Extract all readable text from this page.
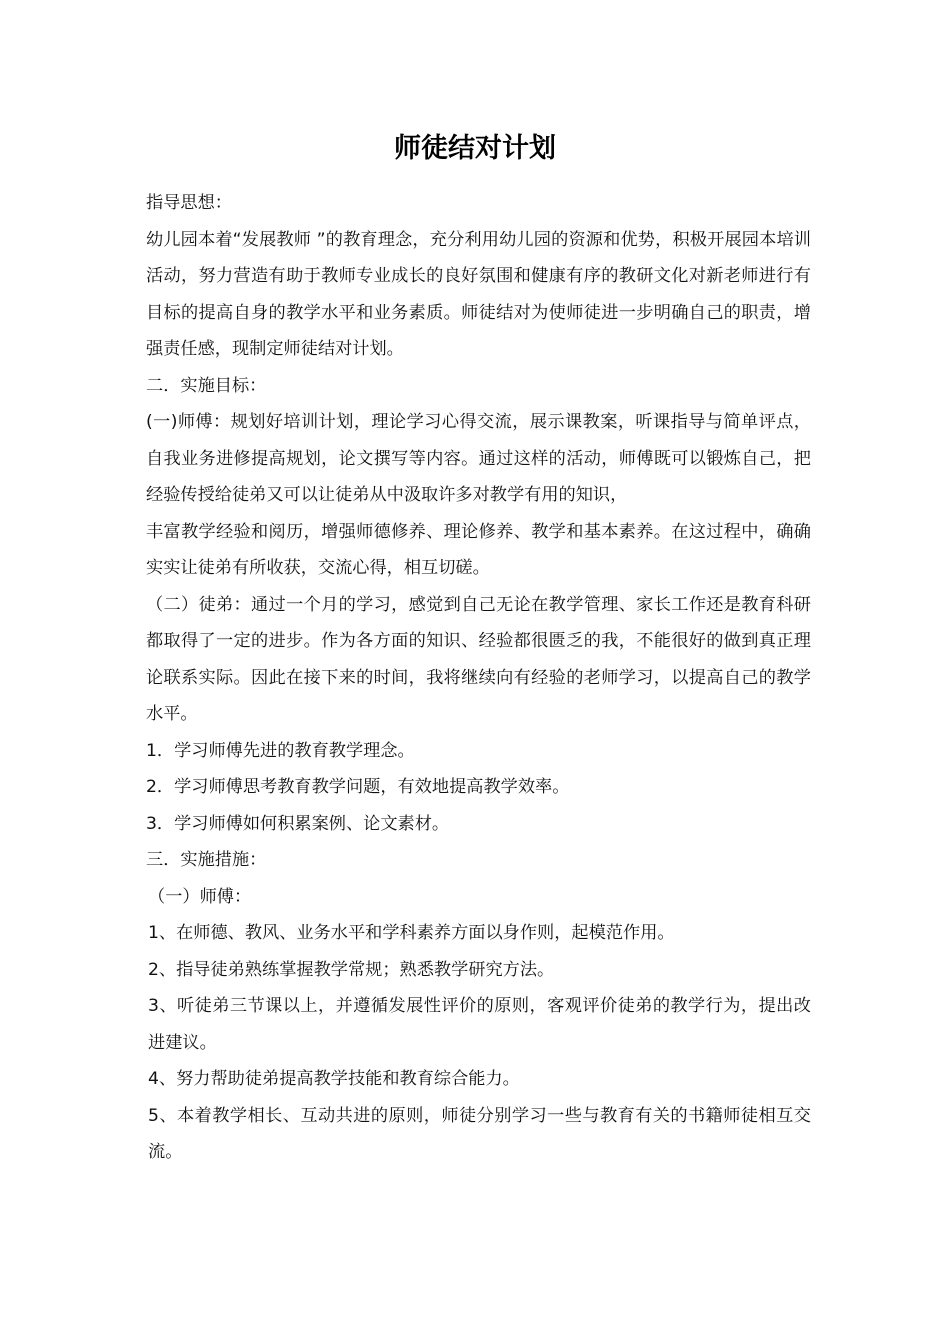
师徒结对计划

指导思想：

幼儿园本着“发展教师 ”的教育理念，充分利用幼儿园的资源和优势，积极开展园本培训活动，努力营造有助于教师专业成长的良好氛围和健康有序的教研文化对新老师进行有目标的提高自身的教学水平和业务素质。师徒结对为使师徒进一步明确自己的职责，增强责任感，现制定师徒结对计划。

二．实施目标：

(一)师傅：规划好培训计划，理论学习心得交流，展示课教案，听课指导与简单评点，自我业务进修提高规划，论文撰写等内容。通过这样的活动，师傅既可以锻炼自己，把经验传授给徒弟又可以让徒弟从中汲取许多对教学有用的知识，

丰富教学经验和阅历，增强师德修养、理论修养、教学和基本素养。在这过程中，确确实实让徒弟有所收获，交流心得，相互切磋。

（二）徒弟：通过一个月的学习，感觉到自己无论在教学管理、家长工作还是教育科研都取得了一定的进步。作为各方面的知识、经验都很匮乏的我，不能很好的做到真正理论联系实际。因此在接下来的时间，我将继续向有经验的老师学习，以提高自己的教学水平。

1．学习师傅先进的教育教学理念。

2．学习师傅思考教育教学问题，有效地提高教学效率。

3．学习师傅如何积累案例、论文素材。

三．实施措施：

（一）师傅：

1、在师德、教风、业务水平和学科素养方面以身作则，起模范作用。

2、指导徒弟熟练掌握教学常规；熟悉教学研究方法。

3、听徒弟三节课以上，并遵循发展性评价的原则，客观评价徒弟的教学行为，提出改进建议。

4、努力帮助徒弟提高教学技能和教育综合能力。

5、本着教学相长、互动共进的原则，师徒分别学习一些与教育有关的书籍师徒相互交流。
